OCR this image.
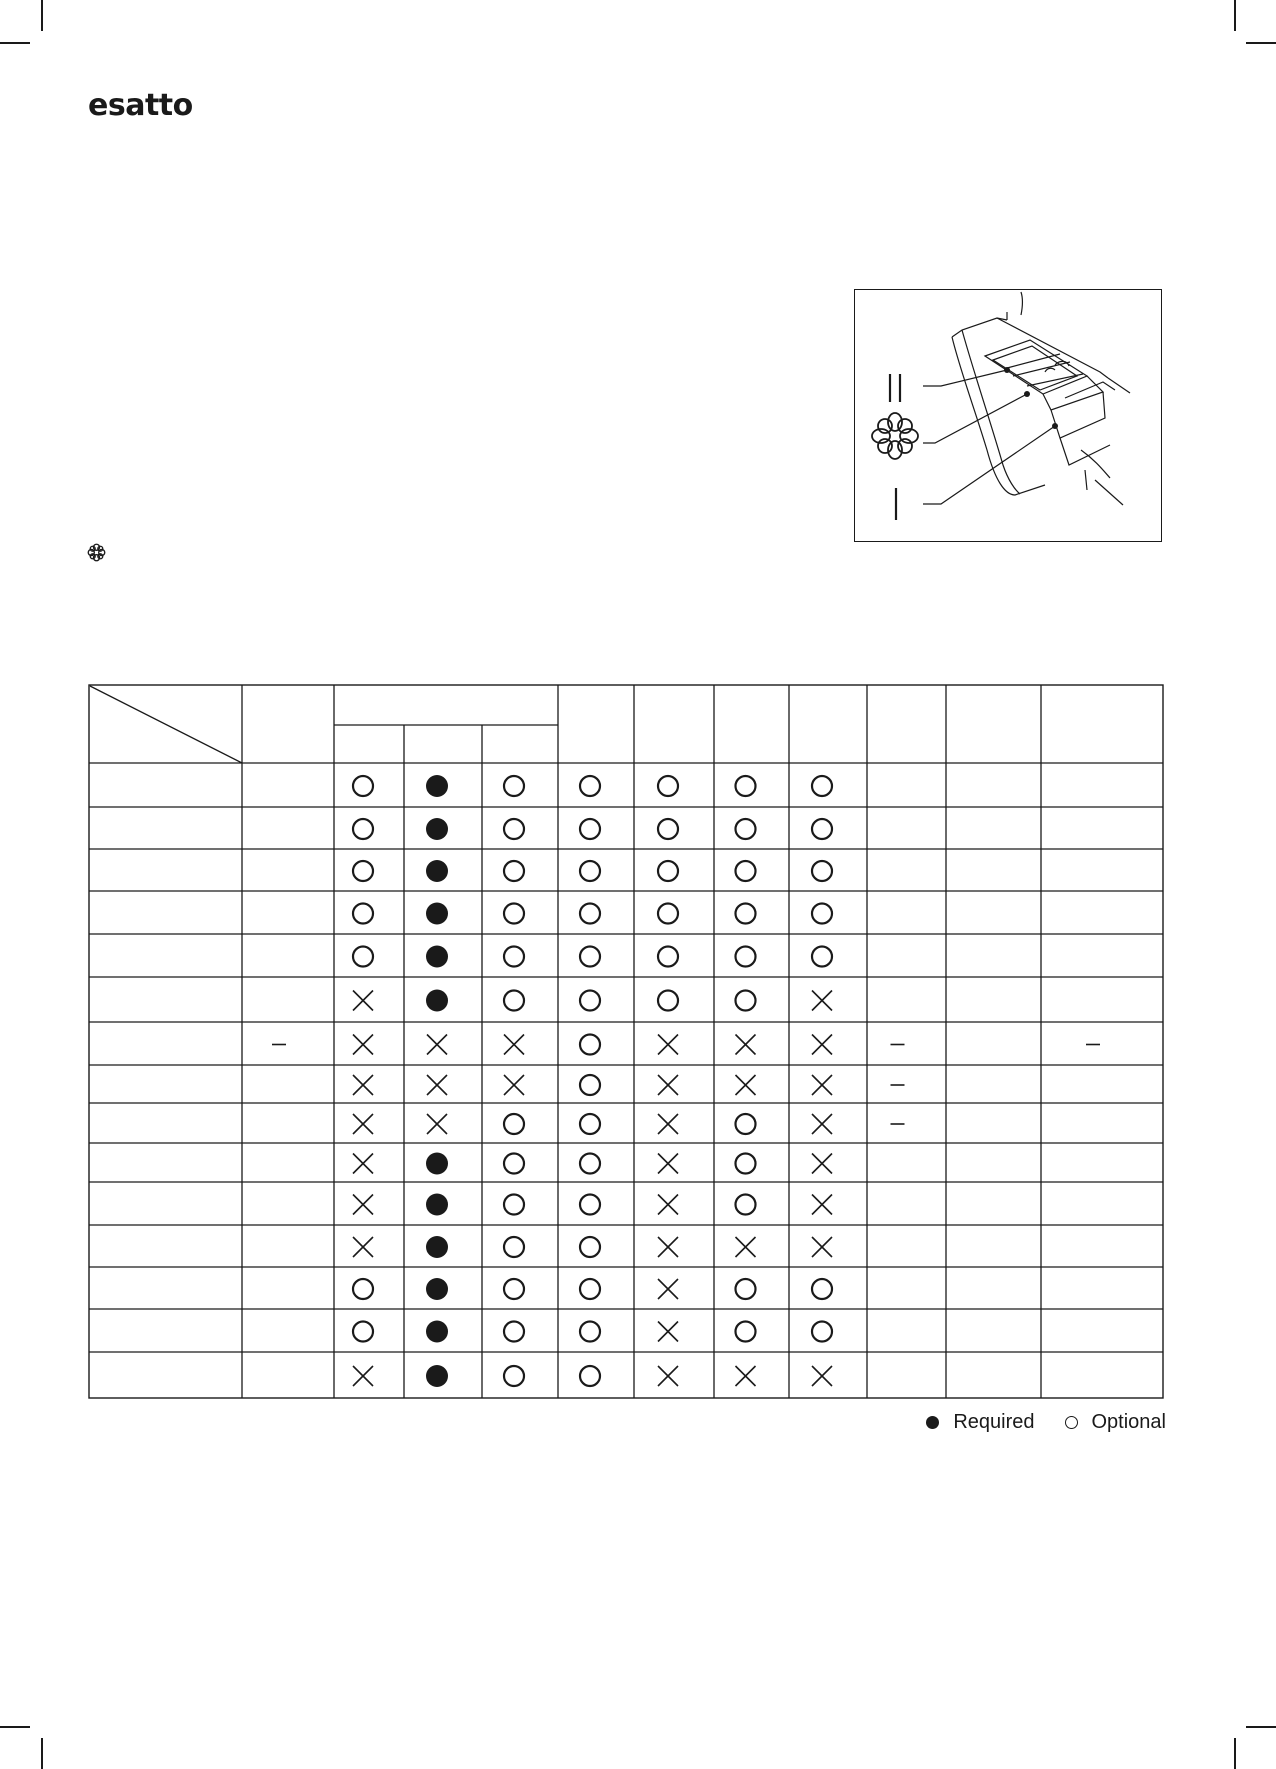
esatto
Required	Optional
